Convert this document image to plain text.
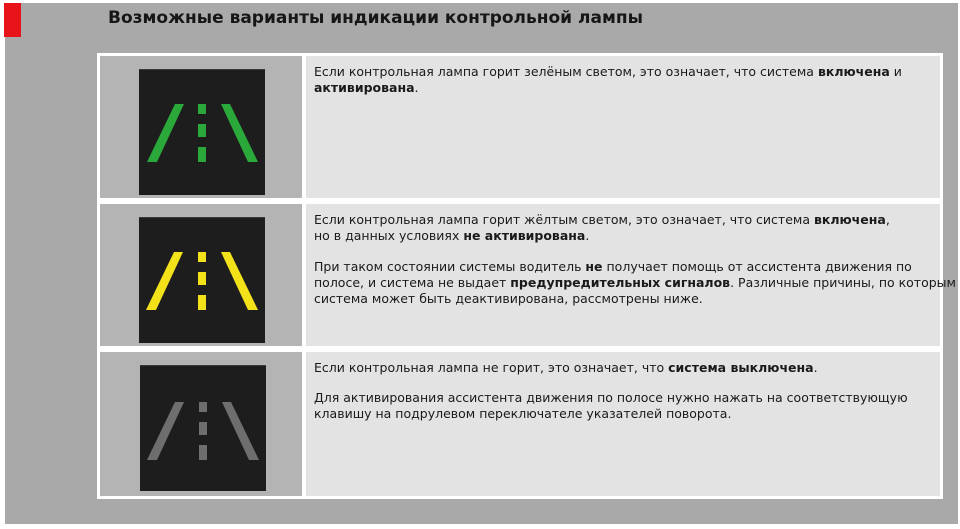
Возможные варианты индикации контрольной лампы
Если контрольная лампа горит зелёным светом, это означает, что система включена и
активирована.
Если контрольная лампа горит жёлтым светом, это означает, что система включена,
но в данных условиях не активирована.
При таком состоянии системы водитель не получает помощь от ассистента движения по
полосе, и система не выдает предупредительных сигналов. Различные причины, по которым
система может быть деактивирована, рассмотрены ниже.
Если контрольная лампа не горит, это означает, что система выключена.
Для активирования ассистента движения по полосе нужно нажать на соответствующую
клавишу на подрулевом переключателе указателей поворота.
